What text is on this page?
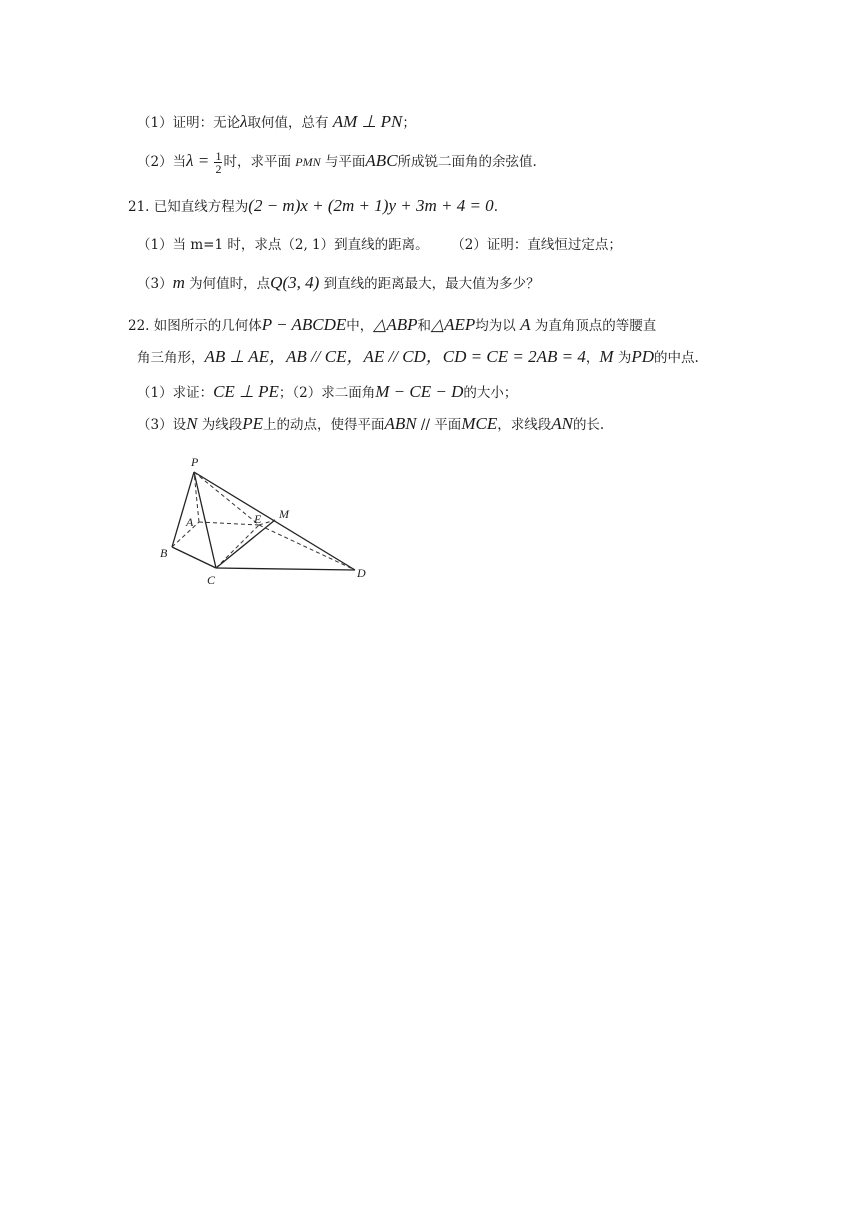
（1）证明：无论λ取何值，总有 AM ⊥ PN；
（2）当$\lambda = \frac{1}{2}$ 时，求平面 PMN 与平面ABC所成锐二面角的余弦值.
21. 已知直线方程为(2 − m)x + (2m + 1)y + 3m + 4 = 0.
（1）当 m=1 时，求点（2, 1）到直线的距离。 （2）证明：直线恒过定点；
（3）m 为何值时，点Q(3, 4) 到直线的距离最大，最大值为多少？
22. 如图所示的几何体P − ABCDE中，△ABP和△AEP均为以 A 为直角顶点的等腰直
角三角形，AB ⊥ AE，AB // CE，AE // CD，CD = CE = 2AB = 4，M 为PD的中点.
（1）求证：CE ⊥ PE；（2）求二面角M − CE − D的大小；
（3）设N 为线段PE上的动点，使得平面ABN // 平面MCE，求线段AN的长.
P
A	E M
B
C	D
